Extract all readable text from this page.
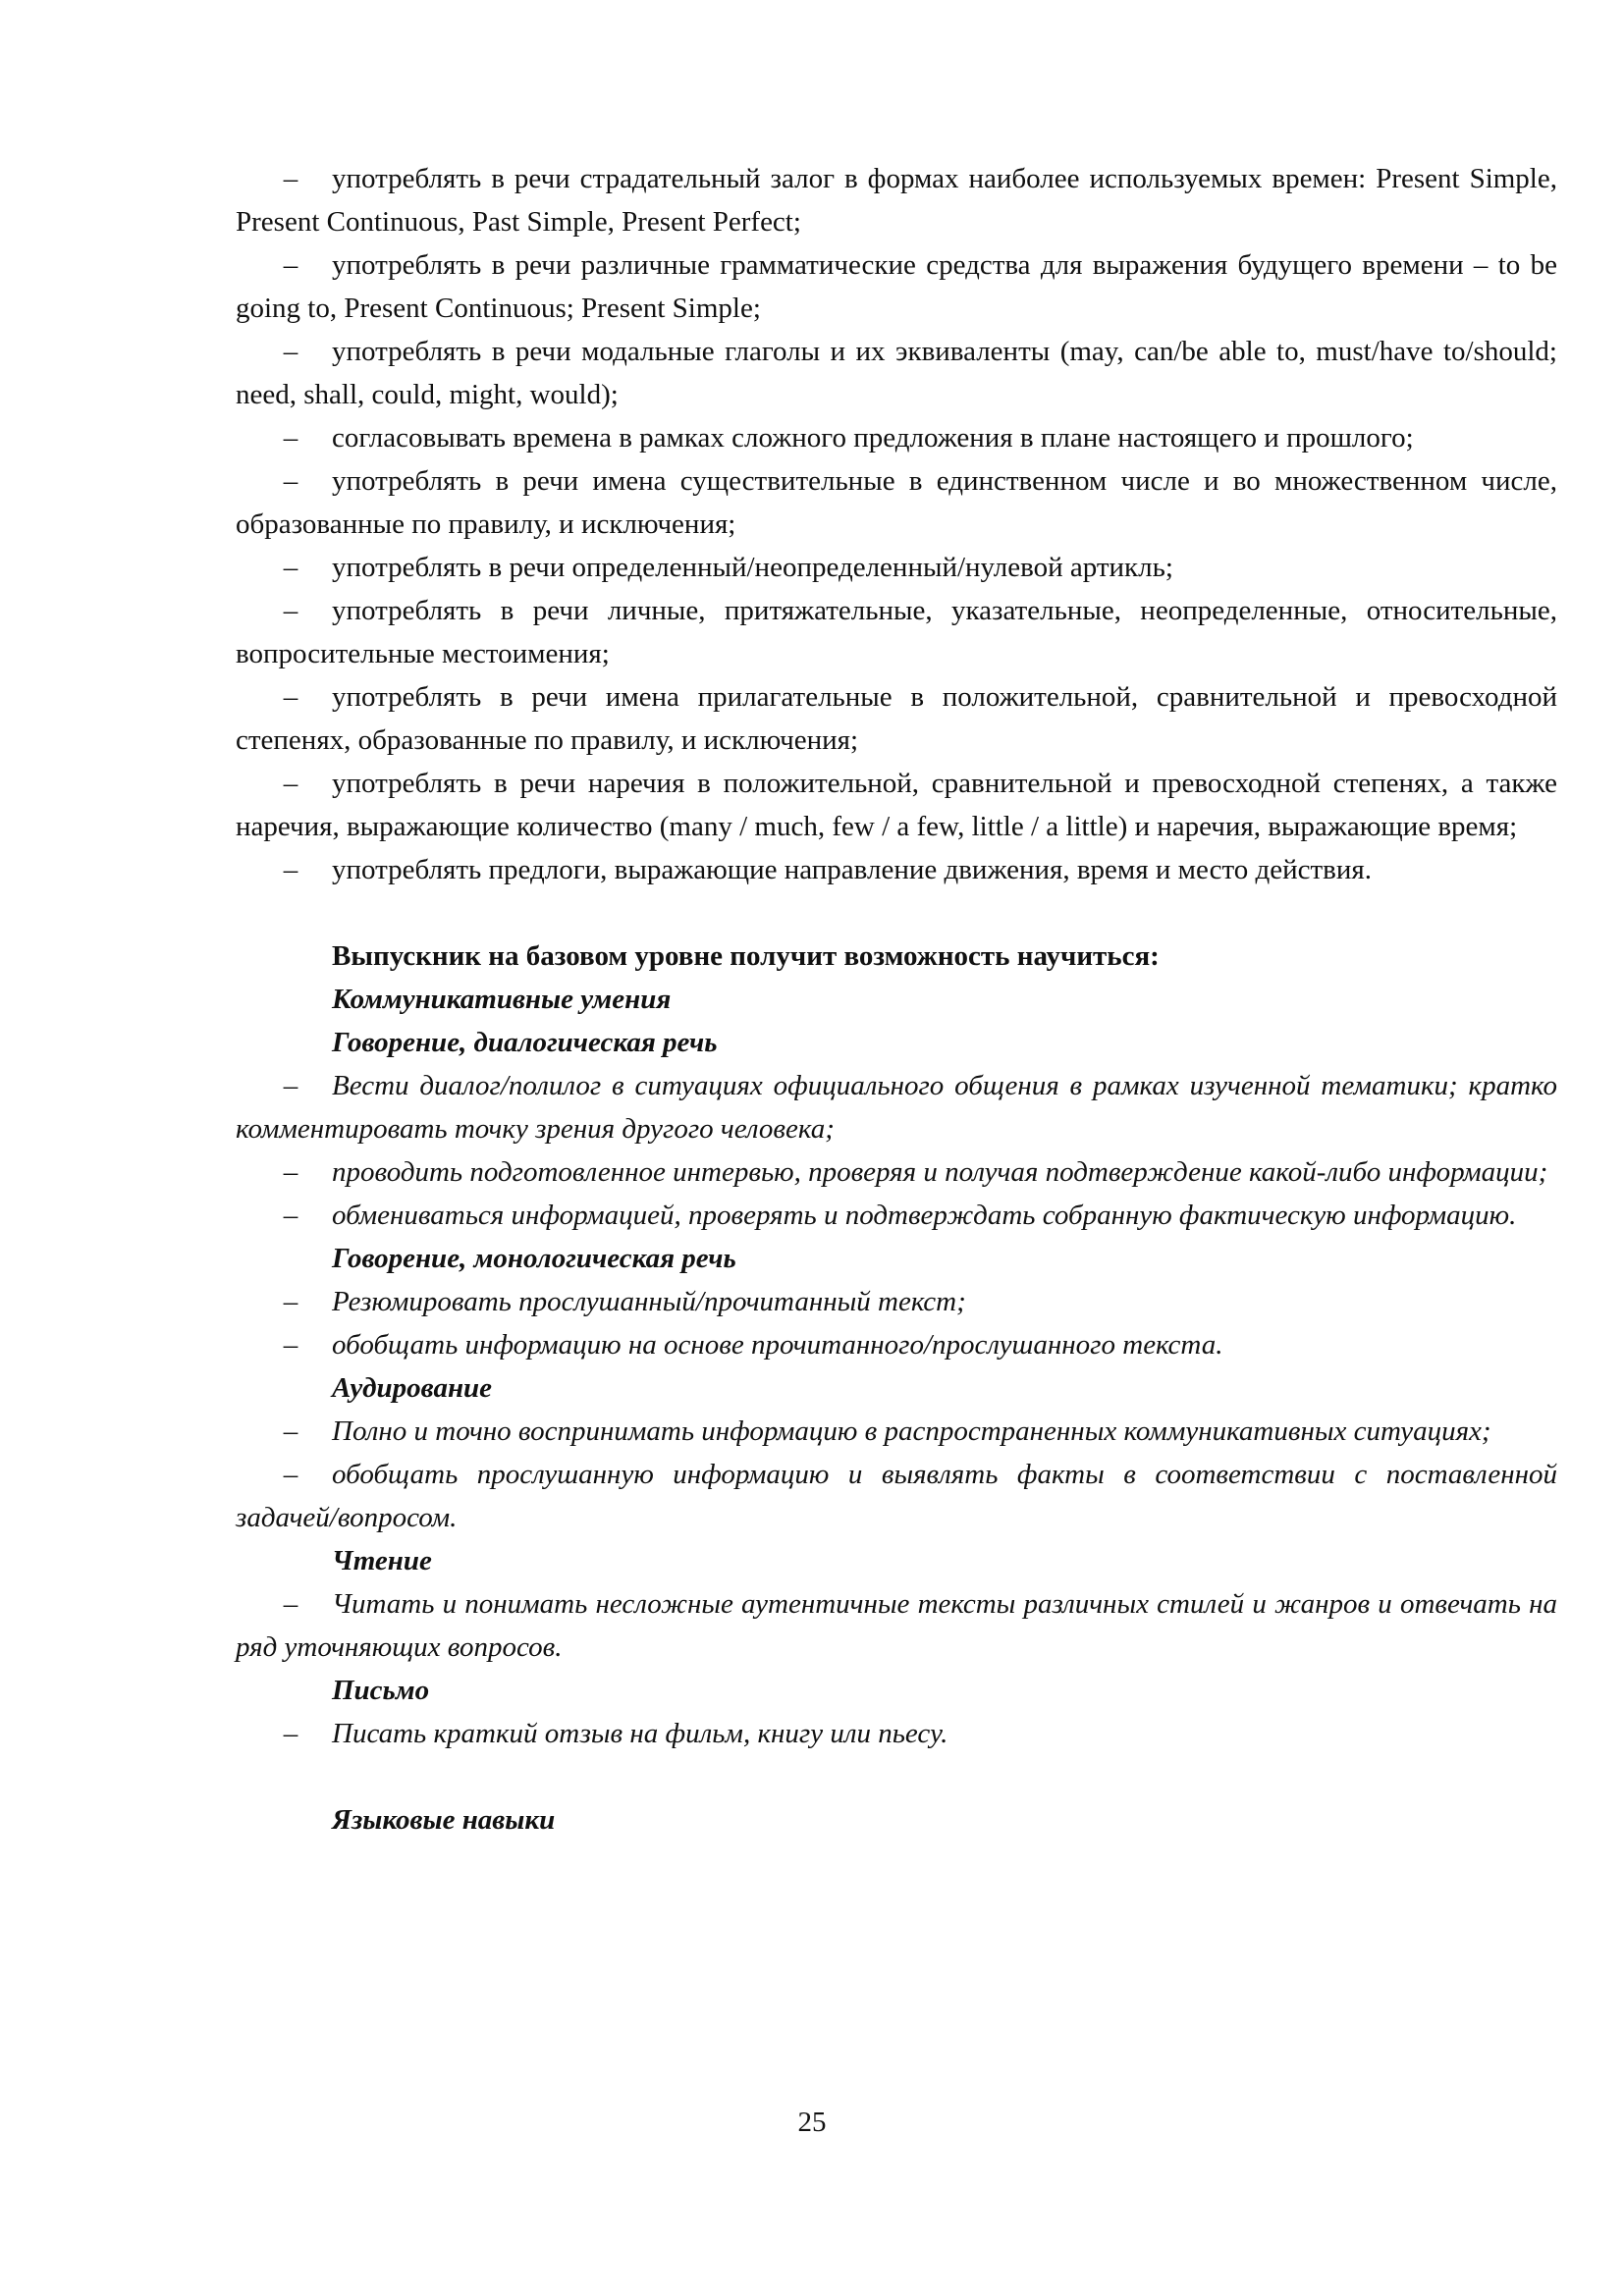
–	употреблять в речи страдательный залог в формах наиболее используемых времен: Present Simple, Present Continuous, Past Simple, Present Perfect;

–	употреблять в речи различные грамматические средства для выражения будущего времени – to be going to, Present Continuous; Present Simple;

–	употреблять в речи модальные глаголы и их эквиваленты (may, can/be able to, must/have to/should; need, shall, could, might, would);

–	согласовывать времена в рамках сложного предложения в плане настоящего и прошлого;

–	употреблять в речи имена существительные в единственном числе и во множественном числе, образованные по правилу, и исключения;

–	употреблять в речи определенный/неопределенный/нулевой артикль;

–	употреблять в речи личные, притяжательные, указательные, неопределенные, относительные, вопросительные местоимения;

–	употреблять в речи имена прилагательные в положительной, сравнительной и превосходной степенях, образованные по правилу, и исключения;

–	употреблять в речи наречия в положительной, сравнительной и превосходной степенях, а также наречия, выражающие количество (many / much, few / a few, little / a little) и наречия, выражающие время;

–	употреблять предлоги, выражающие направление движения, время и место действия.

Выпускник на базовом уровне получит возможность научиться:

Коммуникативные умения

Говорение, диалогическая речь

–	Вести диалог/полилог в ситуациях официального общения в рамках изученной тематики; кратко комментировать точку зрения другого человека;

–	проводить подготовленное интервью, проверяя и получая подтверждение какой-либо информации;

–	обмениваться информацией, проверять и подтверждать собранную фактическую информацию.

Говорение, монологическая речь

–	Резюмировать прослушанный/прочитанный текст;

–	обобщать информацию на основе прочитанного/прослушанного текста.

Аудирование

–	Полно и точно воспринимать информацию в распространенных коммуникативных ситуациях;

–	обобщать прослушанную информацию и выявлять факты в соответствии с поставленной задачей/вопросом.

Чтение

–	Читать и понимать несложные аутентичные тексты различных стилей и жанров и отвечать на ряд уточняющих вопросов.

Письмо

–	Писать краткий отзыв на фильм, книгу или пьесу.

Языковые навыки

25
